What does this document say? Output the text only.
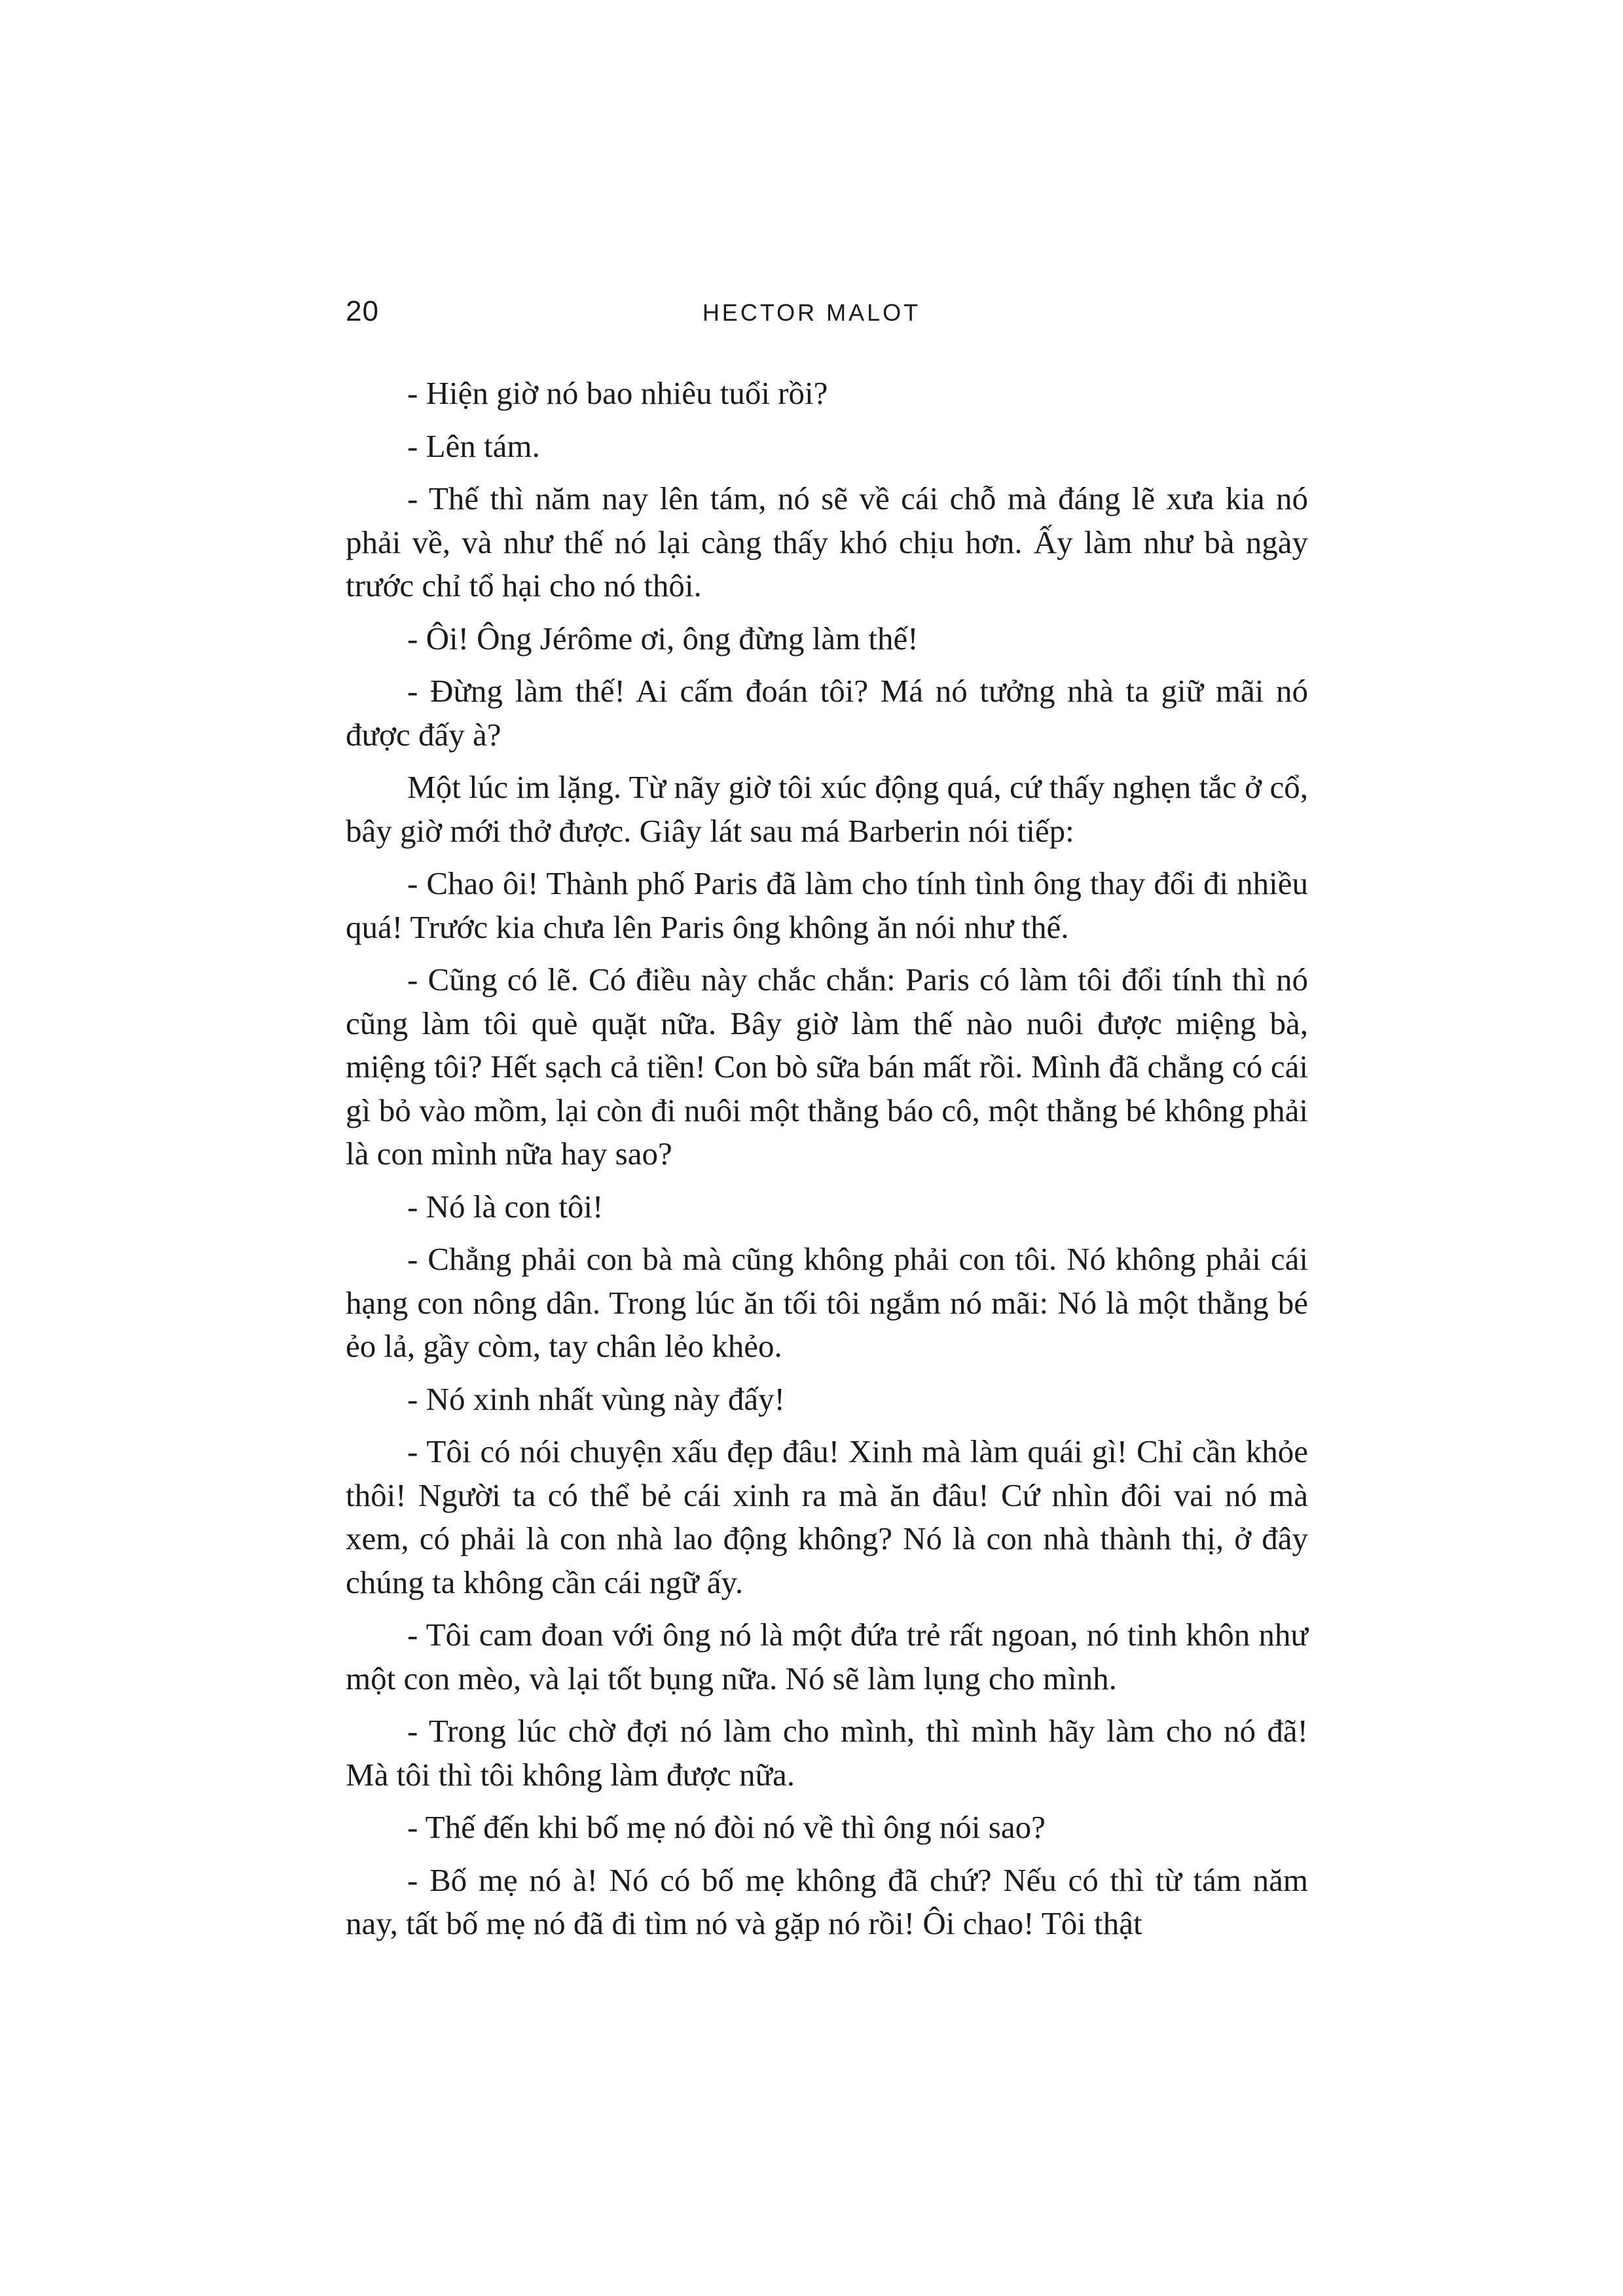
20	HECTOR MALOT

- Hiện giờ nó bao nhiêu tuổi rồi?

- Lên tám.

- Thế thì năm nay lên tám, nó sẽ về cái chỗ mà đáng lẽ xưa kia nó phải về, và như thế nó lại càng thấy khó chịu hơn. Ấy làm như bà ngày trước chỉ tổ hại cho nó thôi.

- Ôi! Ông Jérôme ơi, ông đừng làm thế!

- Đừng làm thế! Ai cấm đoán tôi? Má nó tưởng nhà ta giữ mãi nó được đấy à?

Một lúc im lặng. Từ nãy giờ tôi xúc động quá, cứ thấy nghẹn tắc ở cổ, bây giờ mới thở được. Giây lát sau má Barberin nói tiếp:

- Chao ôi! Thành phố Paris đã làm cho tính tình ông thay đổi đi nhiều quá! Trước kia chưa lên Paris ông không ăn nói như thế.

- Cũng có lẽ. Có điều này chắc chắn: Paris có làm tôi đổi tính thì nó cũng làm tôi què quặt nữa. Bây giờ làm thế nào nuôi được miệng bà, miệng tôi? Hết sạch cả tiền! Con bò sữa bán mất rồi. Mình đã chẳng có cái gì bỏ vào mồm, lại còn đi nuôi một thằng báo cô, một thằng bé không phải là con mình nữa hay sao?

- Nó là con tôi!

- Chẳng phải con bà mà cũng không phải con tôi. Nó không phải cái hạng con nông dân. Trong lúc ăn tối tôi ngắm nó mãi: Nó là một thằng bé ẻo lả, gầy còm, tay chân lẻo khẻo.

- Nó xinh nhất vùng này đấy!

- Tôi có nói chuyện xấu đẹp đâu! Xinh mà làm quái gì! Chỉ cần khỏe thôi! Người ta có thể bẻ cái xinh ra mà ăn đâu! Cứ nhìn đôi vai nó mà xem, có phải là con nhà lao động không? Nó là con nhà thành thị, ở đây chúng ta không cần cái ngữ ấy.

- Tôi cam đoan với ông nó là một đứa trẻ rất ngoan, nó tinh khôn như một con mèo, và lại tốt bụng nữa. Nó sẽ làm lụng cho mình.

- Trong lúc chờ đợi nó làm cho mình, thì mình hãy làm cho nó đã! Mà tôi thì tôi không làm được nữa.

- Thế đến khi bố mẹ nó đòi nó về thì ông nói sao?

- Bố mẹ nó à! Nó có bố mẹ không đã chứ? Nếu có thì từ tám năm nay, tất bố mẹ nó đã đi tìm nó và gặp nó rồi! Ôi chao! Tôi thật
